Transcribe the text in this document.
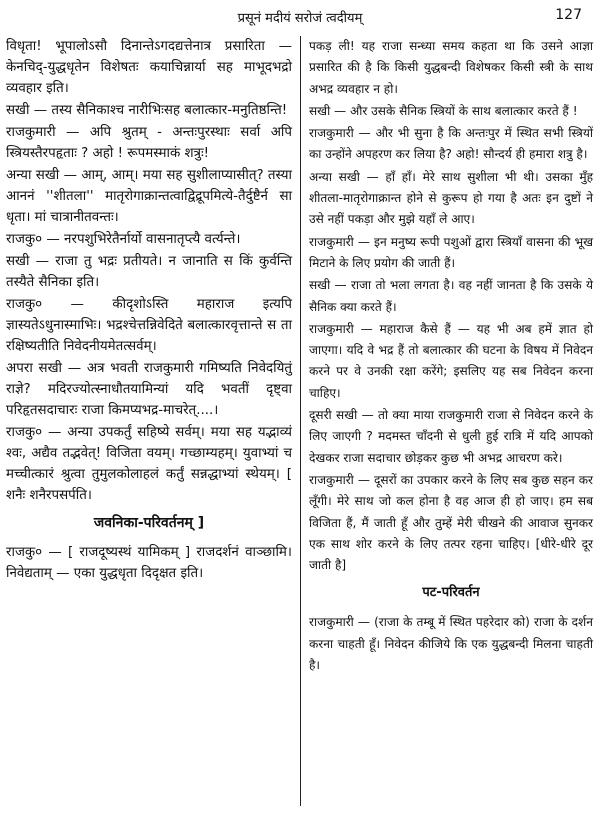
प्रसूनं मदीयं सरोजं त्वदीयम्	127

विधृता! भूपालोऽसौ दिनान्तेऽगदद्यत्तेनात्र प्रसारिता — केनचिद्-युद्धधृतेन विशेषतः कयाचिन्नार्या सह माभूदभद्रो व्यवहार इति।

सखी — तस्य सैनिकाश्च नारीभिःसह बलात्कार-मनुतिष्ठन्ति!

राजकुमारी — अपि श्रुतम् - अन्तःपुरस्थाः सर्वा अपि स्त्रियस्तैरपहृताः ? अहो ! रूपमस्माकं शत्रुः!

अन्या सखी — आम्, आम्। मया सह सुशीलाप्यासीत्? तस्या आननं ''शीतला'' मातृरोगाक्रान्तत्वाद्विद्रूपमित्ये-तैर्दुष्टैर्न सा धृता। मां चात्रानीतवन्तः।

राजकु० — नरपशुभिरेतैर्नार्यो वासनातृप्त्यै वर्त्यन्ते।

सखी — राजा तु भद्रः प्रतीयते। न जानाति स किं कुर्वन्ति तस्यैते सैनिका इति।

राजकु० — कीदृशोऽस्ति महाराज इत्यपि ज्ञास्यतेऽधुनास्माभिः। भद्रश्चेत्तन्निवेदिते बलात्कारवृत्तान्ते स ता रक्षिष्यतीति निवेदनीयमेतत्सर्वम्।

अपरा सखी — अत्र भवती राजकुमारी गमिष्यति निवेदयितुं राज्ञे? मदिरज्योत्स्नाधौतयामिन्यां यदि भवतीं दृष्ट्वा परिहृतसदाचारः राजा किमप्यभद्र-माचरेत्....।

राजकु० — अन्या उपकर्तुं सहिष्ये सर्वम्। मया सह यद्भाव्यं श्वः, अद्यैव तद्भवेत्! विजिता वयम्। गच्छाम्यहम्। युवाभ्यां च मच्चीत्कारं श्रुत्वा तुमुलकोलाहलं कर्तुं सन्नद्धाभ्यां स्थेयम्। [ शनैः शनैरपसर्पति।

जवनिका-परिवर्तनम् ]

राजकु० — [ राजदूष्यस्थं यामिकम् ] राजदर्शनं वाञ्छामि। निवेद्यताम् — एका युद्धधृता दिदृक्षत इति।

पकड़ ली! यह राजा सन्ध्या समय कहता था कि उसने आज्ञा प्रसारित की है कि किसी युद्धबन्दी विशेषकर किसी स्त्री के साथ अभद्र व्यवहार न हो।

सखी — और उसके सैनिक स्त्रियों के साथ बलात्कार करते हैं !

राजकुमारी — और भी सुना है कि अन्तःपुर में स्थित सभी स्त्रियों का उन्होंने अपहरण कर लिया है? अहो! सौन्दर्य ही हमारा शत्रु है।

अन्या सखी — हाँ हाँ। मेरे साथ सुशीला भी थी। उसका मुँह शीतला-मातृरोगाक्रान्त होने से कुरूप हो गया है अतः इन दुष्टों ने उसे नहीं पकड़ा और मुझे यहाँ ले आए।

राजकुमारी — इन मनुष्य रूपी पशुओं द्वारा स्त्रियाँ वासना की भूख मिटाने के लिए प्रयोग की जाती हैं।

सखी — राजा तो भला लगता है। वह नहीं जानता है कि उसके ये सैनिक क्या करते हैं।

राजकुमारी — महाराज कैसे हैं — यह भी अब हमें ज्ञात हो जाएगा। यदि वे भद्र हैं तो बलात्कार की घटना के विषय में निवेदन करने पर वे उनकी रक्षा करेंगे; इसलिए यह सब निवेदन करना चाहिए।

दूसरी सखी — तो क्या माया राजकुमारी राजा से निवेदन करने के लिए जाएगी ? मदमस्त चाँदनी से धुली हुई रात्रि में यदि आपको देखकर राजा सदाचार छोड़कर कुछ भी अभद्र आचरण करे।

राजकुमारी — दूसरों का उपकार करने के लिए सब कुछ सहन कर लूँगी। मेरे साथ जो कल होना है वह आज ही हो जाए। हम सब विजिता हैं, मैं जाती हूँ और तुम्हें मेरी चीखने की आवाज सुनकर एक साथ शोर करने के लिए तत्पर रहना चाहिए। [धीरे-धीरे दूर जाती है]

पट-परिवर्तन

राजकुमारी — (राजा के तम्बू में स्थित पहरेदार को) राजा के दर्शन करना चाहती हूँ। निवेदन कीजिये कि एक युद्धबन्दी मिलना चाहती है।
